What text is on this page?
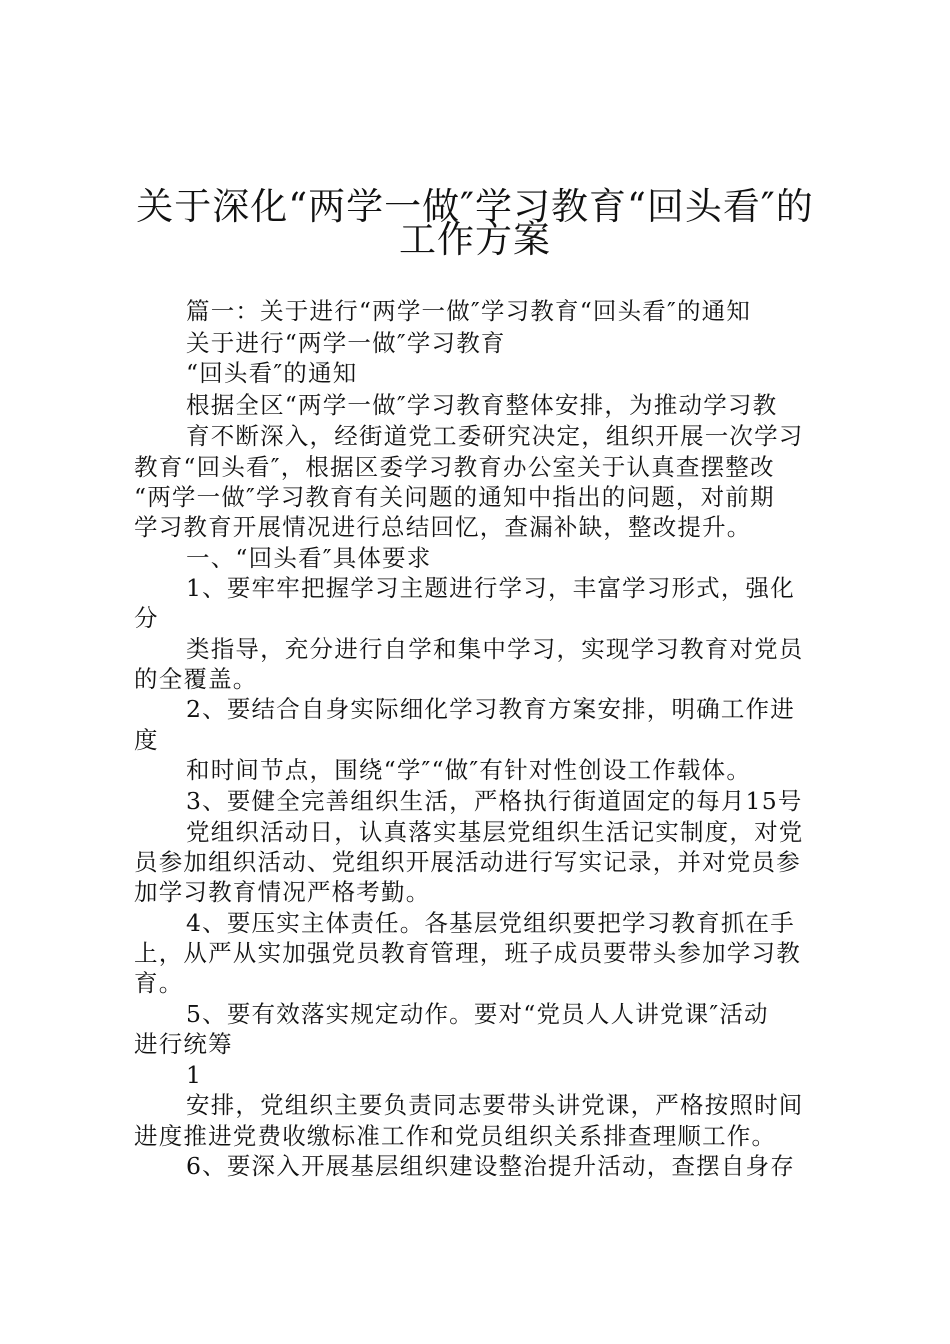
关于深化“两学一做″学习教育“回头看″的
工作方案
篇一：关于进行“两学一做″学习教育“回头看″的通知
关于进行“两学一做″学习教育
“回头看″的通知
根据全区“两学一做″学习教育整体安排，为推动学习教
育不断深入，经街道党工委研究决定，组织开展一次学习
教育“回头看″，根据区委学习教育办公室关于认真查摆整改
“两学一做″学习教育有关问题的通知中指出的问题，对前期
学习教育开展情况进行总结回忆，查漏补缺，整改提升。
一、“回头看″具体要求
1、要牢牢把握学习主题进行学习，丰富学习形式，强化
分
类指导，充分进行自学和集中学习，实现学习教育对党员
的全覆盖。
2、要结合自身实际细化学习教育方案安排，明确工作进
度
和时间节点，围绕“学″“做″有针对性创设工作载体。
3、要健全完善组织生活，严格执行街道固定的每月15号
党组织活动日，认真落实基层党组织生活记实制度，对党
员参加组织活动、党组织开展活动进行写实记录，并对党员参
加学习教育情况严格考勤。
4、要压实主体责任。各基层党组织要把学习教育抓在手
上，从严从实加强党员教育管理，班子成员要带头参加学习教
育。
5、要有效落实规定动作。要对“党员人人讲党课″活动
进行统筹
1
安排，党组织主要负责同志要带头讲党课，严格按照时间
进度推进党费收缴标准工作和党员组织关系排查理顺工作。
6、要深入开展基层组织建设整治提升活动，查摆自身存
